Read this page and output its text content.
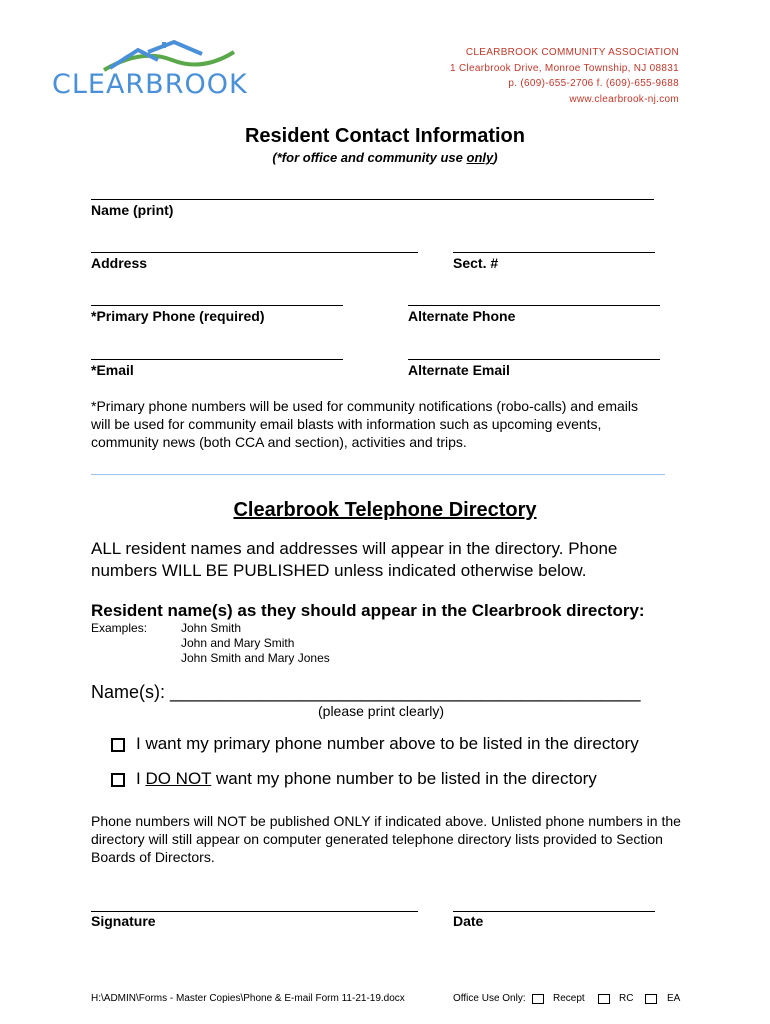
CLEARBROOK
CLEARBROOK COMMUNITY ASSOCIATION
1 Clearbrook Drive, Monroe Township, NJ 08831
p. (609)-655-2706 f. (609)-655-9688
www.clearbrook-nj.com
Resident Contact Information
(*for office and community use only)
Name (print)
Address	Sect. #
*Primary Phone (required)	Alternate Phone
*Email	Alternate Email
*Primary phone numbers will be used for community notifications (robo-calls) and emails will be used for community email blasts with information such as upcoming events, community news (both CCA and section), activities and trips.
Clearbrook Telephone Directory
ALL resident names and addresses will appear in the directory. Phone numbers WILL BE PUBLISHED unless indicated otherwise below.
Resident name(s) as they should appear in the Clearbrook directory:
Examples:	John Smith
John and Mary Smith
John Smith and Mary Jones
Name(s): _______________________________________________
(please print clearly)
I want my primary phone number above to be listed in the directory
I DO NOT want my phone number to be listed in the directory
Phone numbers will NOT be published ONLY if indicated above. Unlisted phone numbers in the directory will still appear on computer generated telephone directory lists provided to Section Boards of Directors.
Signature	Date
H:\ADMIN\Forms - Master Copies\Phone & E-mail Form 11-21-19.docx	Office Use Only:	Recept	RC	EA
